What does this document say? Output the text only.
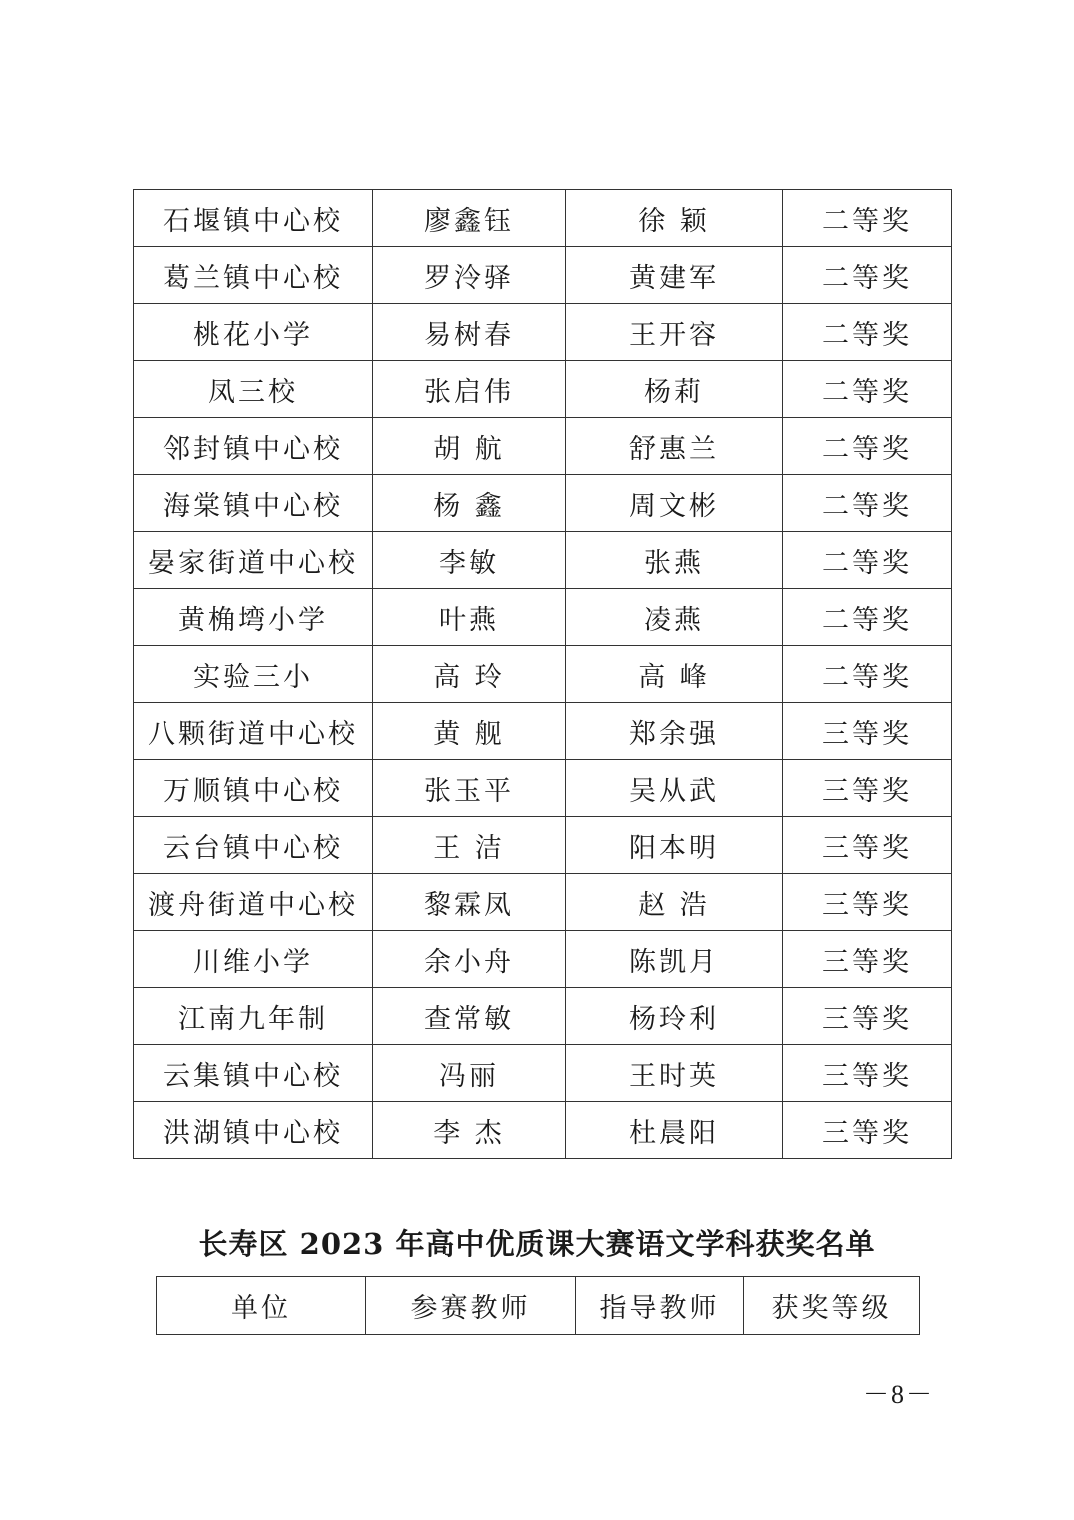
石堰镇中心校	廖鑫钰	徐 颖	二等奖
葛兰镇中心校	罗泠驿	黄建军	二等奖
桃花小学	易树春	王开容	二等奖
凤三校	张启伟	杨莉	二等奖
邻封镇中心校	胡 航	舒惠兰	二等奖
海棠镇中心校	杨 鑫	周文彬	二等奖
晏家街道中心校	李敏	张燕	二等奖
黄桷塆小学	叶燕	凌燕	二等奖
实验三小	高 玲	高 峰	二等奖
八颗街道中心校	黄 舰	郑余强	三等奖
万顺镇中心校	张玉平	吴从武	三等奖
云台镇中心校	王 洁	阳本明	三等奖
渡舟街道中心校	黎霖凤	赵 浩	三等奖
川维小学	余小舟	陈凯月	三等奖
江南九年制	查常敏	杨玲利	三等奖
云集镇中心校	冯丽	王时英	三等奖
洪湖镇中心校	李 杰	杜晨阳	三等奖
长寿区 2023 年高中优质课大赛语文学科获奖名单
单位	参赛教师	指导教师	获奖等级
－8－
